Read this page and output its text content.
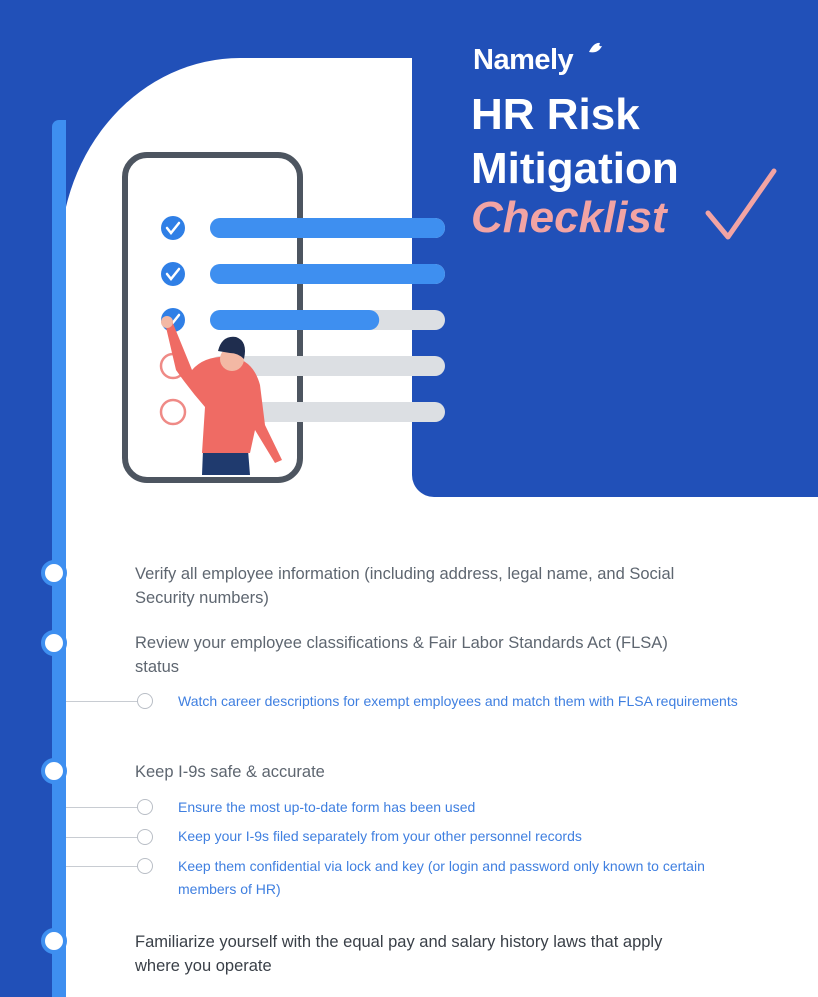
Namely
HR Risk
Mitigation
Checklist
Verify all employee information (including address, legal name, and Social Security numbers)
Review your employee classifications & Fair Labor Standards Act (FLSA) status
Watch career descriptions for exempt employees and match them with FLSA requirements
Keep I-9s safe & accurate
Ensure the most up-to-date form has been used
Keep your I-9s filed separately from your other personnel records
Keep them confidential via lock and key (or login and password only known to certain members of HR)
Familiarize yourself with the equal pay and salary history laws that apply where you operate
